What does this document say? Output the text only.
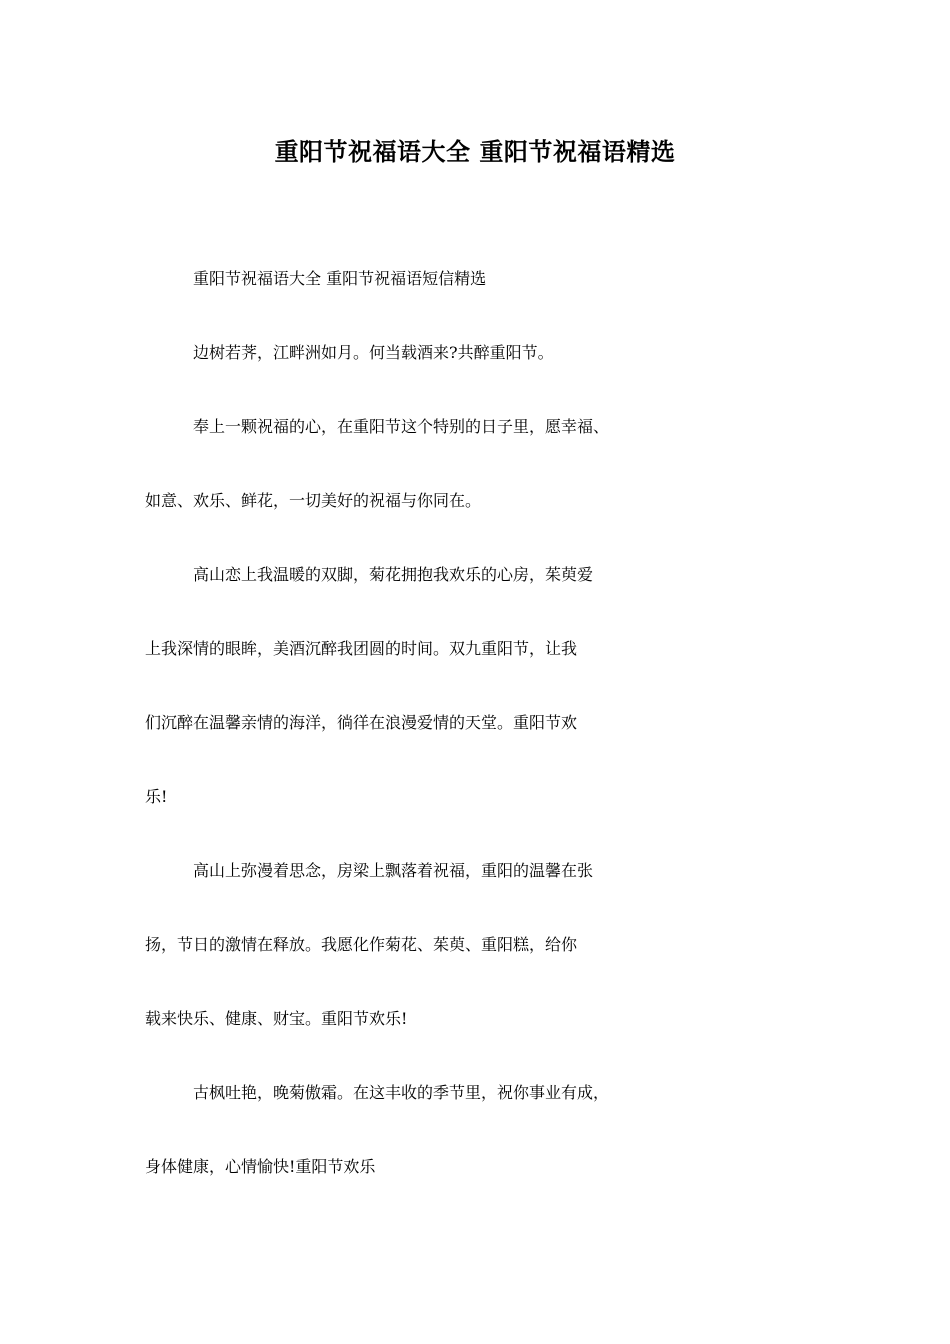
重阳节祝福语大全 重阳节祝福语精选
重阳节祝福语大全 重阳节祝福语短信精选
边树若荠，江畔洲如月。何当载酒来?共醉重阳节。
奉上一颗祝福的心，在重阳节这个特别的日子里，愿幸福、
如意、欢乐、鲜花，一切美好的祝福与你同在。
高山恋上我温暖的双脚，菊花拥抱我欢乐的心房，茱萸爱
上我深情的眼眸，美酒沉醉我团圆的时间。双九重阳节，让我
们沉醉在温馨亲情的海洋，徜徉在浪漫爱情的天堂。重阳节欢
乐!
高山上弥漫着思念，房梁上飘落着祝福，重阳的温馨在张
扬，节日的激情在释放。我愿化作菊花、茱萸、重阳糕，给你
载来快乐、健康、财宝。重阳节欢乐!
古枫吐艳，晚菊傲霜。在这丰收的季节里，祝你事业有成，
身体健康，心情愉快!重阳节欢乐
